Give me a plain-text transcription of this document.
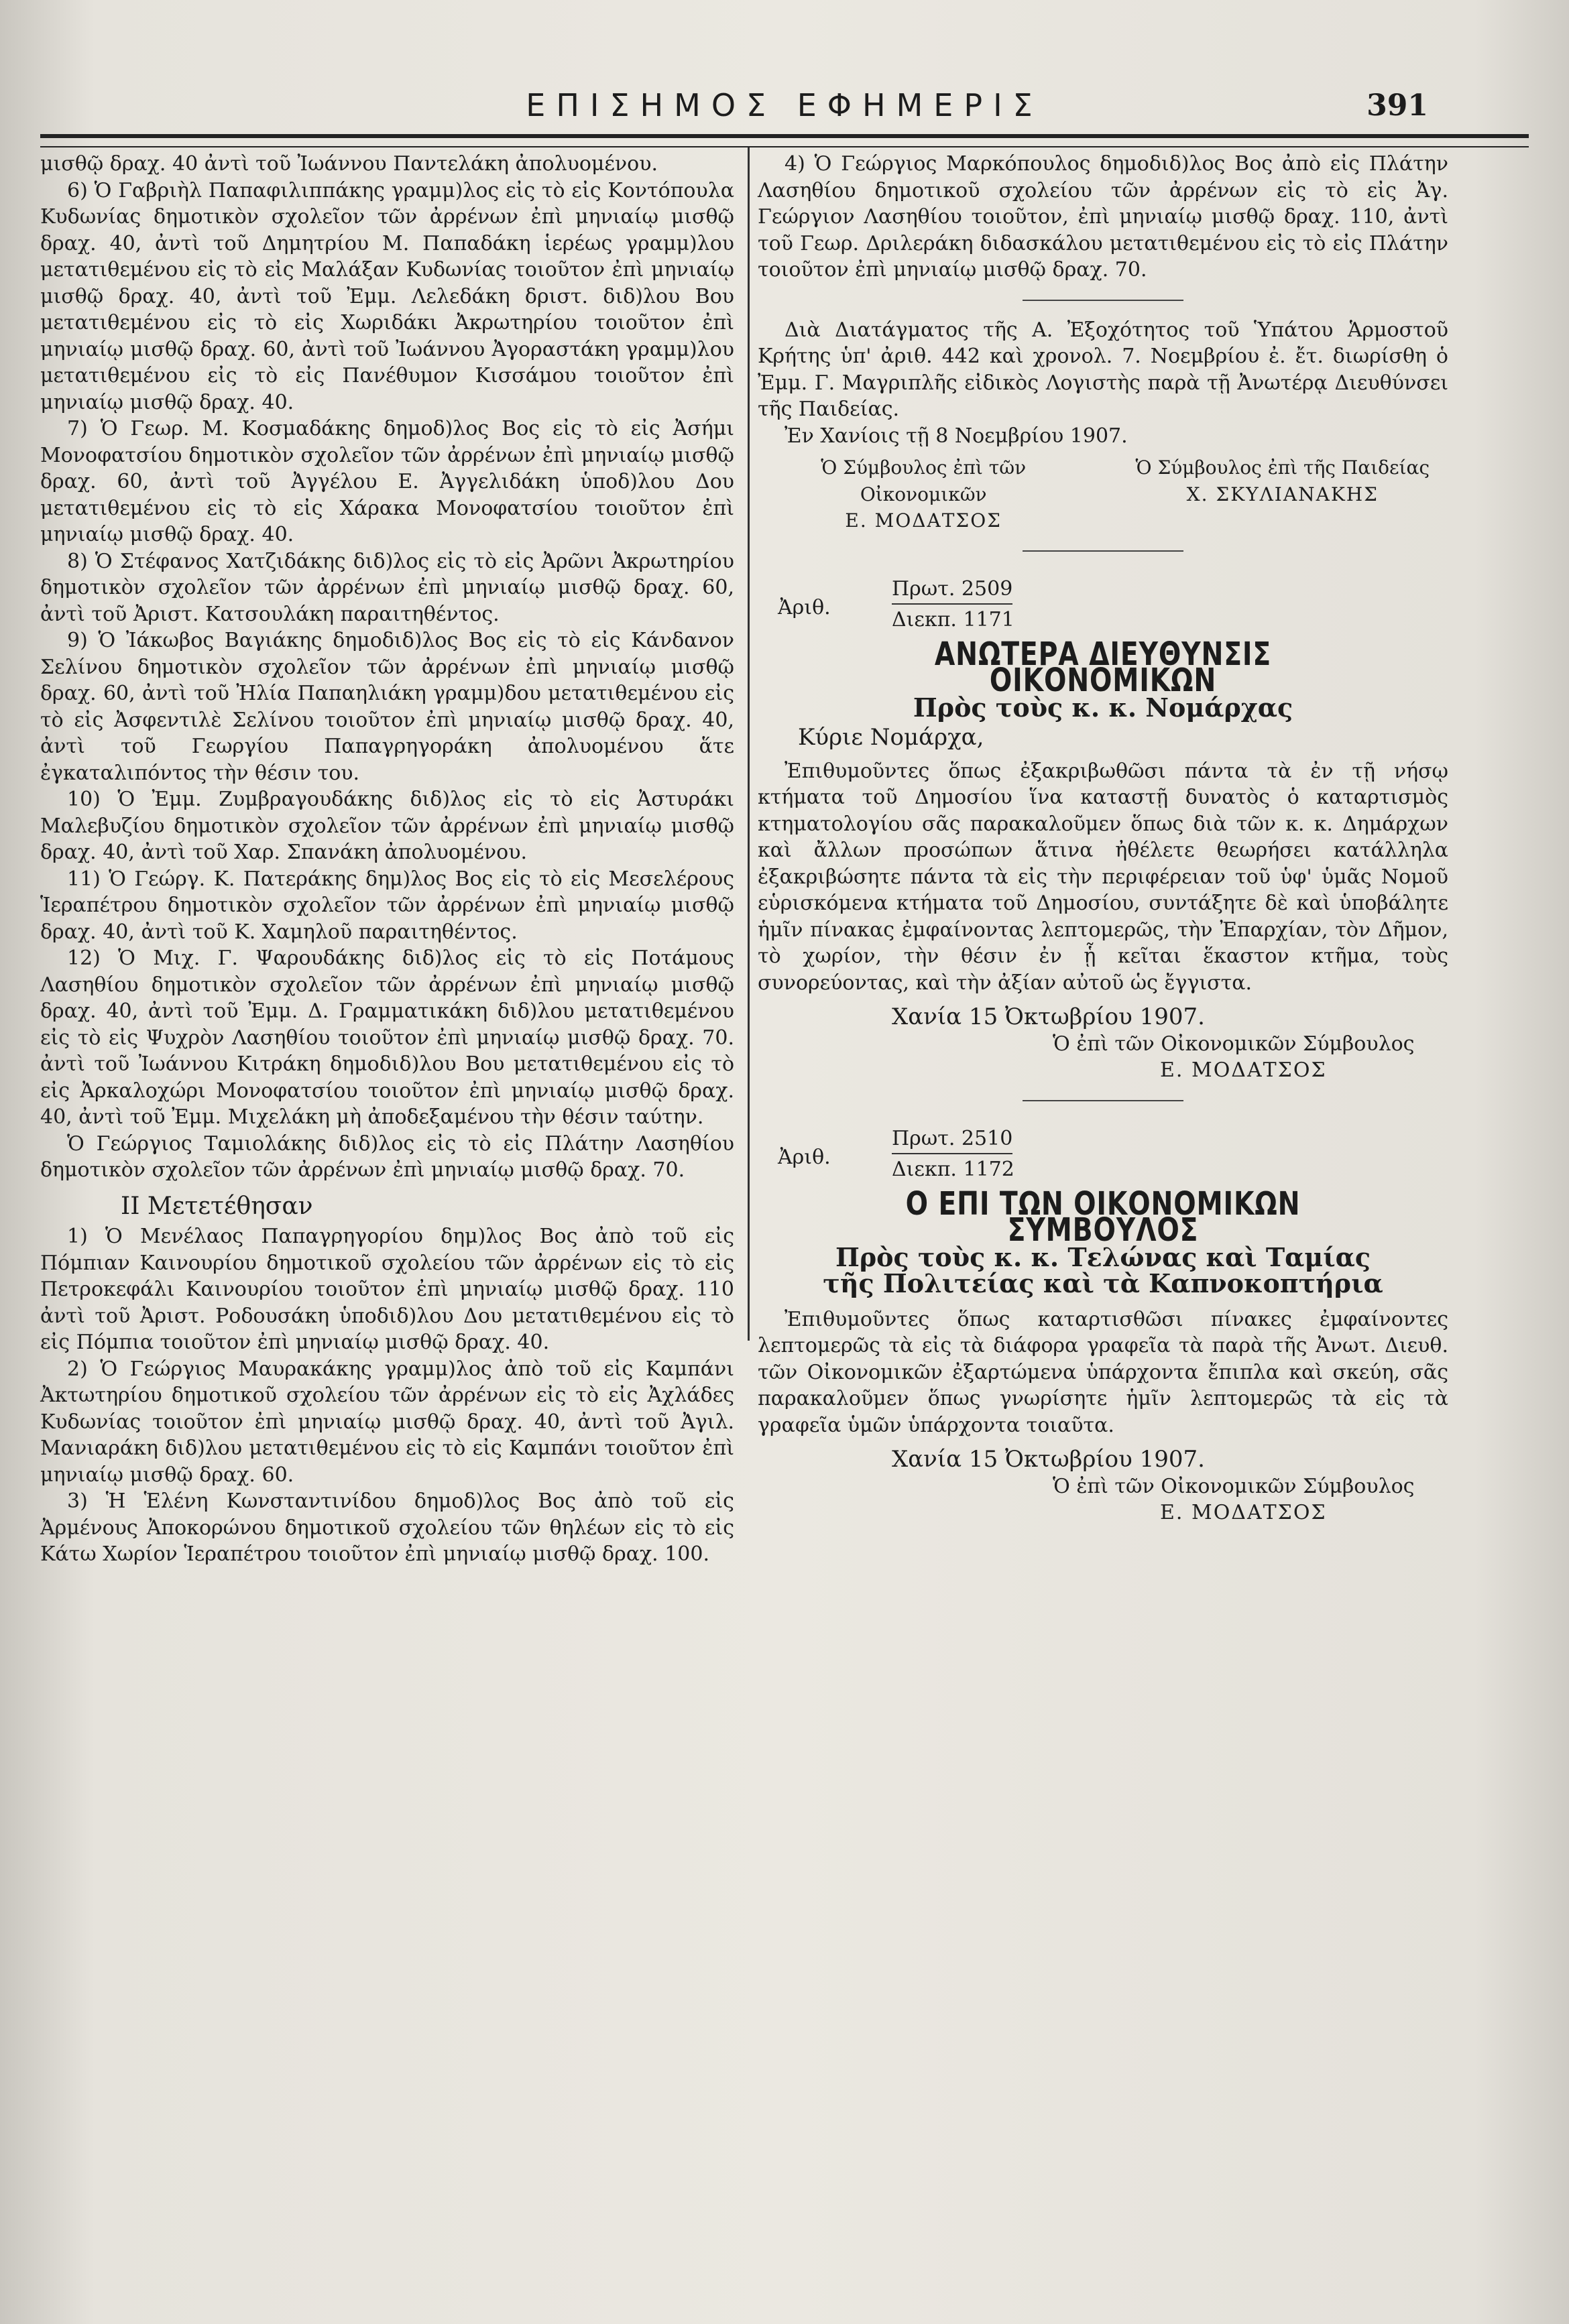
ΕΠΙΣΗΜΟΣ ΕΦΗΜΕΡΙΣ	391

μισθῷ δραχ. 40 ἀντὶ τοῦ Ἰωάννου Παντελάκη ἀπολυομένου.

6) Ὁ Γαβριὴλ Παπαφιλιππάκης γραμμ)λος εἰς τὸ εἰς Κοντόπουλα Κυδωνίας δημοτικὸν σχολεῖον τῶν ἀρρένων ἐπὶ μηνιαίῳ μισθῷ δραχ. 40, ἀντὶ τοῦ Δημητρίου Μ. Παπαδάκη ἱερέως γραμμ)λου μετατιθεμένου εἰς τὸ εἰς Μαλάξαν Κυδωνίας τοιοῦτον ἐπὶ μηνιαίῳ μισθῷ δραχ. 40, ἀντὶ τοῦ Ἐμμ. Λελεδάκη δριστ. διδ)λου Βου μετατιθεμένου εἰς τὸ εἰς Χωριδάκι Ἀκρωτηρίου τοιοῦτον ἐπὶ μηνιαίῳ μισθῷ δραχ. 60, ἀντὶ τοῦ Ἰωάννου Ἀγοραστάκη γραμμ)λου μετατιθεμένου εἰς τὸ εἰς Πανέθυμον Κισσάμου τοιοῦτον ἐπὶ μηνιαίῳ μισθῷ δραχ. 40.

7) Ὁ Γεωρ. Μ. Κοσμαδάκης δημοδ)λος Βος εἰς τὸ εἰς Ἀσήμι Μονοφατσίου δημοτικὸν σχολεῖον τῶν ἀρρένων ἐπὶ μηνιαίῳ μισθῷ δραχ. 60, ἀντὶ τοῦ Ἀγγέλου Ε. Ἀγγελιδάκη ὑποδ)λου Δου μετατιθεμένου εἰς τὸ εἰς Χάρακα Μονοφατσίου τοιοῦτον ἐπὶ μηνιαίῳ μισθῷ δραχ. 40.

8) Ὁ Στέφανος Χατζιδάκης διδ)λος εἰς τὸ εἰς Ἀρῶνι Ἀκρωτηρίου δημοτικὸν σχολεῖον τῶν ἀρρένων ἐπὶ μηνιαίῳ μισθῷ δραχ. 60, ἀντὶ τοῦ Ἀριστ. Κατσουλάκη παραιτηθέντος.

9) Ὁ Ἰάκωβος Βαγιάκης δημοδιδ)λος Βος εἰς τὸ εἰς Κάνδανον Σελίνου δημοτικὸν σχολεῖον τῶν ἀρρένων ἐπὶ μηνιαίῳ μισθῷ δραχ. 60, ἀντὶ τοῦ Ἠλία Παπαηλιάκη γραμμ)δου μετατιθεμένου εἰς τὸ εἰς Ἀσφεντιλὲ Σελίνου τοιοῦτον ἐπὶ μηνιαίῳ μισθῷ δραχ. 40, ἀντὶ τοῦ Γεωργίου Παπαγρηγοράκη ἀπολυομένου ἅτε ἐγκαταλιπόντος τὴν θέσιν του.

10) Ὁ Ἐμμ. Ζυμβραγουδάκης διδ)λος εἰς τὸ εἰς Ἀστυράκι Μαλεβυζίου δημοτικὸν σχολεῖον τῶν ἀρρένων ἐπὶ μηνιαίῳ μισθῷ δραχ. 40, ἀντὶ τοῦ Χαρ. Σπανάκη ἀπολυομένου.

11) Ὁ Γεώργ. Κ. Πατεράκης δημ)λος Βος εἰς τὸ εἰς Μεσελέρους Ἱεραπέτρου δημοτικὸν σχολεῖον τῶν ἀρρένων ἐπὶ μηνιαίῳ μισθῷ δραχ. 40, ἀντὶ τοῦ Κ. Χαμηλοῦ παραιτηθέντος.

12) Ὁ Μιχ. Γ. Ψαρουδάκης διδ)λος εἰς τὸ εἰς Ποτάμους Λασηθίου δημοτικὸν σχολεῖον τῶν ἀρρένων ἐπὶ μηνιαίῳ μισθῷ δραχ. 40, ἀντὶ τοῦ Ἐμμ. Δ. Γραμματικάκη διδ)λου μετατιθεμένου εἰς τὸ εἰς Ψυχρὸν Λασηθίου τοιοῦτον ἐπὶ μηνιαίῳ μισθῷ δραχ. 70. ἀντὶ τοῦ Ἰωάννου Κιτράκη δημοδιδ)λου Βου μετατιθεμένου εἰς τὸ εἰς Ἀρκαλοχώρι Μονοφατσίου τοιοῦτον ἐπὶ μηνιαίῳ μισθῷ δραχ. 40, ἀντὶ τοῦ Ἐμμ. Μιχελάκη μὴ ἀποδεξαμένου τὴν θέσιν ταύτην.

Ὁ Γεώργιος Ταμιολάκης διδ)λος εἰς τὸ εἰς Πλάτην Λασηθίου δημοτικὸν σχολεῖον τῶν ἀρρένων ἐπὶ μηνιαίῳ μισθῷ δραχ. 70.

ΙΙ Μετετέθησαν

1) Ὁ Μενέλαος Παπαγρηγορίου δημ)λος Βος ἀπὸ τοῦ εἰς Πόμπιαν Καινουρίου δημοτικοῦ σχολείου τῶν ἀρρένων εἰς τὸ εἰς Πετροκεφάλι Καινουρίου τοιοῦτον ἐπὶ μηνιαίῳ μισθῷ δραχ. 110 ἀντὶ τοῦ Ἀριστ. Ροδουσάκη ὑποδιδ)λου Δου μετατιθεμένου εἰς τὸ εἰς Πόμπια τοιοῦτον ἐπὶ μηνιαίῳ μισθῷ δραχ. 40.

2) Ὁ Γεώργιος Μαυρακάκης γραμμ)λος ἀπὸ τοῦ εἰς Καμπάνι Ἀκτωτηρίου δημοτικοῦ σχολείου τῶν ἀρρένων εἰς τὸ εἰς Ἀχλάδες Κυδωνίας τοιοῦτον ἐπὶ μηνιαίῳ μισθῷ δραχ. 40, ἀντὶ τοῦ Ἀγιλ. Μανιαράκη διδ)λου μετατιθεμένου εἰς τὸ εἰς Καμπάνι τοιοῦτον ἐπὶ μηνιαίῳ μισθῷ δραχ. 60.

3) Ἡ Ἑλένη Κωνσταντινίδου δημοδ)λος Βος ἀπὸ τοῦ εἰς Ἀρμένους Ἀποκορώνου δημοτικοῦ σχολείου τῶν θηλέων εἰς τὸ εἰς Κάτω Χωρίον Ἱεραπέτρου τοιοῦτον ἐπὶ μηνιαίῳ μισθῷ δραχ. 100.

4) Ὁ Γεώργιος Μαρκόπουλος δημοδιδ)λος Βος ἀπὸ εἰς Πλάτην Λασηθίου δημοτικοῦ σχολείου τῶν ἀρρένων εἰς τὸ εἰς Ἀγ. Γεώργιον Λασηθίου τοιοῦτον, ἐπὶ μηνιαίῳ μισθῷ δραχ. 110, ἀντὶ τοῦ Γεωρ. Δριλεράκη διδασκάλου μετατιθεμένου εἰς τὸ εἰς Πλάτην τοιοῦτον ἐπὶ μηνιαίῳ μισθῷ δραχ. 70.

Διὰ Διατάγματος τῆς Α. Ἐξοχότητος τοῦ Ὑπάτου Ἁρμοστοῦ Κρήτης ὑπ' ἀριθ. 442 καὶ χρονολ. 7. Νοεμβρίου ἐ. ἔτ. διωρίσθη ὁ Ἐμμ. Γ. Μαγριπλῆς εἰδικὸς Λογιστὴς παρὰ τῇ Ἀνωτέρᾳ Διευθύνσει τῆς Παιδείας.

Ἐν Χανίοις τῇ 8 Νοεμβρίου 1907.

Ὁ Σύμβουλος ἐπὶ τῶν Οἰκονομικῶν
Ε. ΜΟΔΑΤΣΟΣ
Ὁ Σύμβουλος ἐπὶ τῆς Παιδείας
Χ. ΣΚΥΛΙΑΝΑΚΗΣ
Ἀριθ.
Πρωτ. 2509
Διεκπ. 1171

ΑΝΩΤΕΡΑ ΔΙΕΥΘΥΝΣΙΣ ΟΙΚΟΝΟΜΙΚΩΝ

Πρὸς τοὺς κ. κ. Νομάρχας

Κύριε Νομάρχα,

Ἐπιθυμοῦντες ὅπως ἐξακριβωθῶσι πάντα τὰ ἐν τῇ νήσῳ κτήματα τοῦ Δημοσίου ἵνα καταστῇ δυνατὸς ὁ καταρτισμὸς κτηματολογίου σᾶς παρακαλοῦμεν ὅπως διὰ τῶν κ. κ. Δημάρχων καὶ ἄλλων προσώπων ἅτινα ἠθέλετε θεωρήσει κατάλληλα ἐξακριβώσητε πάντα τὰ εἰς τὴν περιφέρειαν τοῦ ὑφ' ὑμᾶς Νομοῦ εὑρισκόμενα κτήματα τοῦ Δημοσίου, συντάξητε δὲ καὶ ὑποβάλητε ἡμῖν πίνακας ἐμφαίνοντας λεπτομερῶς, τὴν Ἐπαρχίαν, τὸν Δῆμον, τὸ χωρίον, τὴν θέσιν ἐν ᾗ κεῖται ἕκαστον κτῆμα, τοὺς συνορεύοντας, καὶ τὴν ἀξίαν αὐτοῦ ὡς ἔγγιστα.

Χανία 15 Ὀκτωβρίου 1907.

Ὁ ἐπὶ τῶν Οἰκονομικῶν Σύμβουλος

Ε. ΜΟΔΑΤΣΟΣ

Ἀριθ.
Πρωτ. 2510
Διεκπ. 1172

Ο ΕΠΙ ΤΩΝ ΟΙΚΟΝΟΜΙΚΩΝ ΣΥΜΒΟΥΛΟΣ

Πρὸς τοὺς κ. κ. Τελώνας καὶ Ταμίας

τῆς Πολιτείας καὶ τὰ Καπνοκοπτήρια

Ἐπιθυμοῦντες ὅπως καταρτισθῶσι πίνακες ἐμφαίνοντες λεπτομερῶς τὰ εἰς τὰ διάφορα γραφεῖα τὰ παρὰ τῆς Ἀνωτ. Διευθ. τῶν Οἰκονομικῶν ἐξαρτώμενα ὑπάρχοντα ἔπιπλα καὶ σκεύη, σᾶς παρακαλοῦμεν ὅπως γνωρίσητε ἡμῖν λεπτομερῶς τὰ εἰς τὰ γραφεῖα ὑμῶν ὑπάρχοντα τοιαῦτα.

Χανία 15 Ὀκτωβρίου 1907.

Ὁ ἐπὶ τῶν Οἰκονομικῶν Σύμβουλος

Ε. ΜΟΔΑΤΣΟΣ
